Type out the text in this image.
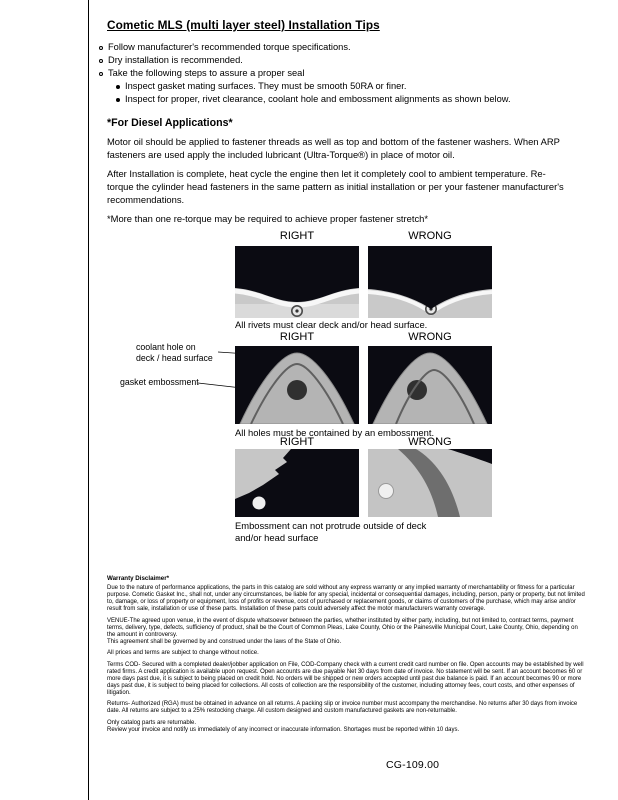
Cometic MLS (multi layer steel) Installation Tips
Follow manufacturer's recommended torque specifications.
Dry installation is recommended.
Take the following steps to assure a proper seal
Inspect gasket mating surfaces. They must be smooth 50RA or finer.
Inspect for proper, rivet clearance, coolant hole and embossment alignments as shown below.
*For Diesel Applications*

Motor oil should be applied to fastener threads as well as top and bottom of the fastener washers. When ARP fasteners are used apply the included lubricant (Ultra-Torque®) in place of motor oil.

After Installation is complete, heat cycle the engine then let it completely cool to ambient temperature. Re-torque the cylinder head fasteners in the same pattern as initial installation or per your fastener manufacturer's recommendations.

*More than one re-torque may be required to achieve proper fastener stretch*

RIGHT	WRONG
All rivets must clear deck and/or head surface.
RIGHT	WRONG
coolant hole on deck / head surface
gasket embossment
All holes must be contained by an embossment.
RIGHT	WRONG
Embossment can not protrude outside of deck and/or head surface
Warranty Disclaimer*

Due to the nature of performance applications, the parts in this catalog are sold without any express warranty or any implied warranty of merchantability or fitness for a particular purpose. Cometic Gasket Inc., shall not, under any circumstances, be liable for any special, incidental or consequential damages, including, person, party or property, but not limited to, damage, or loss of property or equipment, loss of profits or revenue, cost of purchased or replacement goods, or claims of customers of the purchase, which may arise and/or result from sale, installation or use of these parts. Installation of these parts could adversely affect the motor manufacturers warranty coverage.

VENUE-The agreed upon venue, in the event of dispute whatsoever between the parties, whether instituted by either party, including, but not limited to, contract terms, payment terms, delivery, type, defects, sufficiency of product, shall be the Court of Common Pleas, Lake County, Ohio or the Painesville Municipal Court, Lake County, Ohio, depending on the amount in controversy.
This agreement shall be governed by and construed under the laws of the State of Ohio.

All prices and terms are subject to change without notice.

Terms COD- Secured with a completed dealer/jobber application on File, COD-Company check with a current credit card number on file. Open accounts may be established by well rated firms. A credit application is available upon request. Open accounts are due payable Net 30 days from date of invoice. No statement will be sent. If an account becomes 60 or more days past due, it is subject to being placed on credit hold. No orders will be shipped or new orders accepted until past due balance is paid. If an account becomes 90 or more days past due, it is subject to being placed for collections. All costs of collection are the responsibility of the customer, including attorney fees, court costs, and other expenses of litigation.

Returns- Authorized (RGA) must be obtained in advance on all returns. A packing slip or invoice number must accompany the merchandise. No returns after 30 days from invoice date. All returns are subject to a 25% restocking charge. All custom designed and custom manufactured gaskets are non-returnable.

Only catalog parts are returnable.
Review your invoice and notify us immediately of any incorrect or inaccurate information. Shortages must be reported within 10 days.

CG-109.00
